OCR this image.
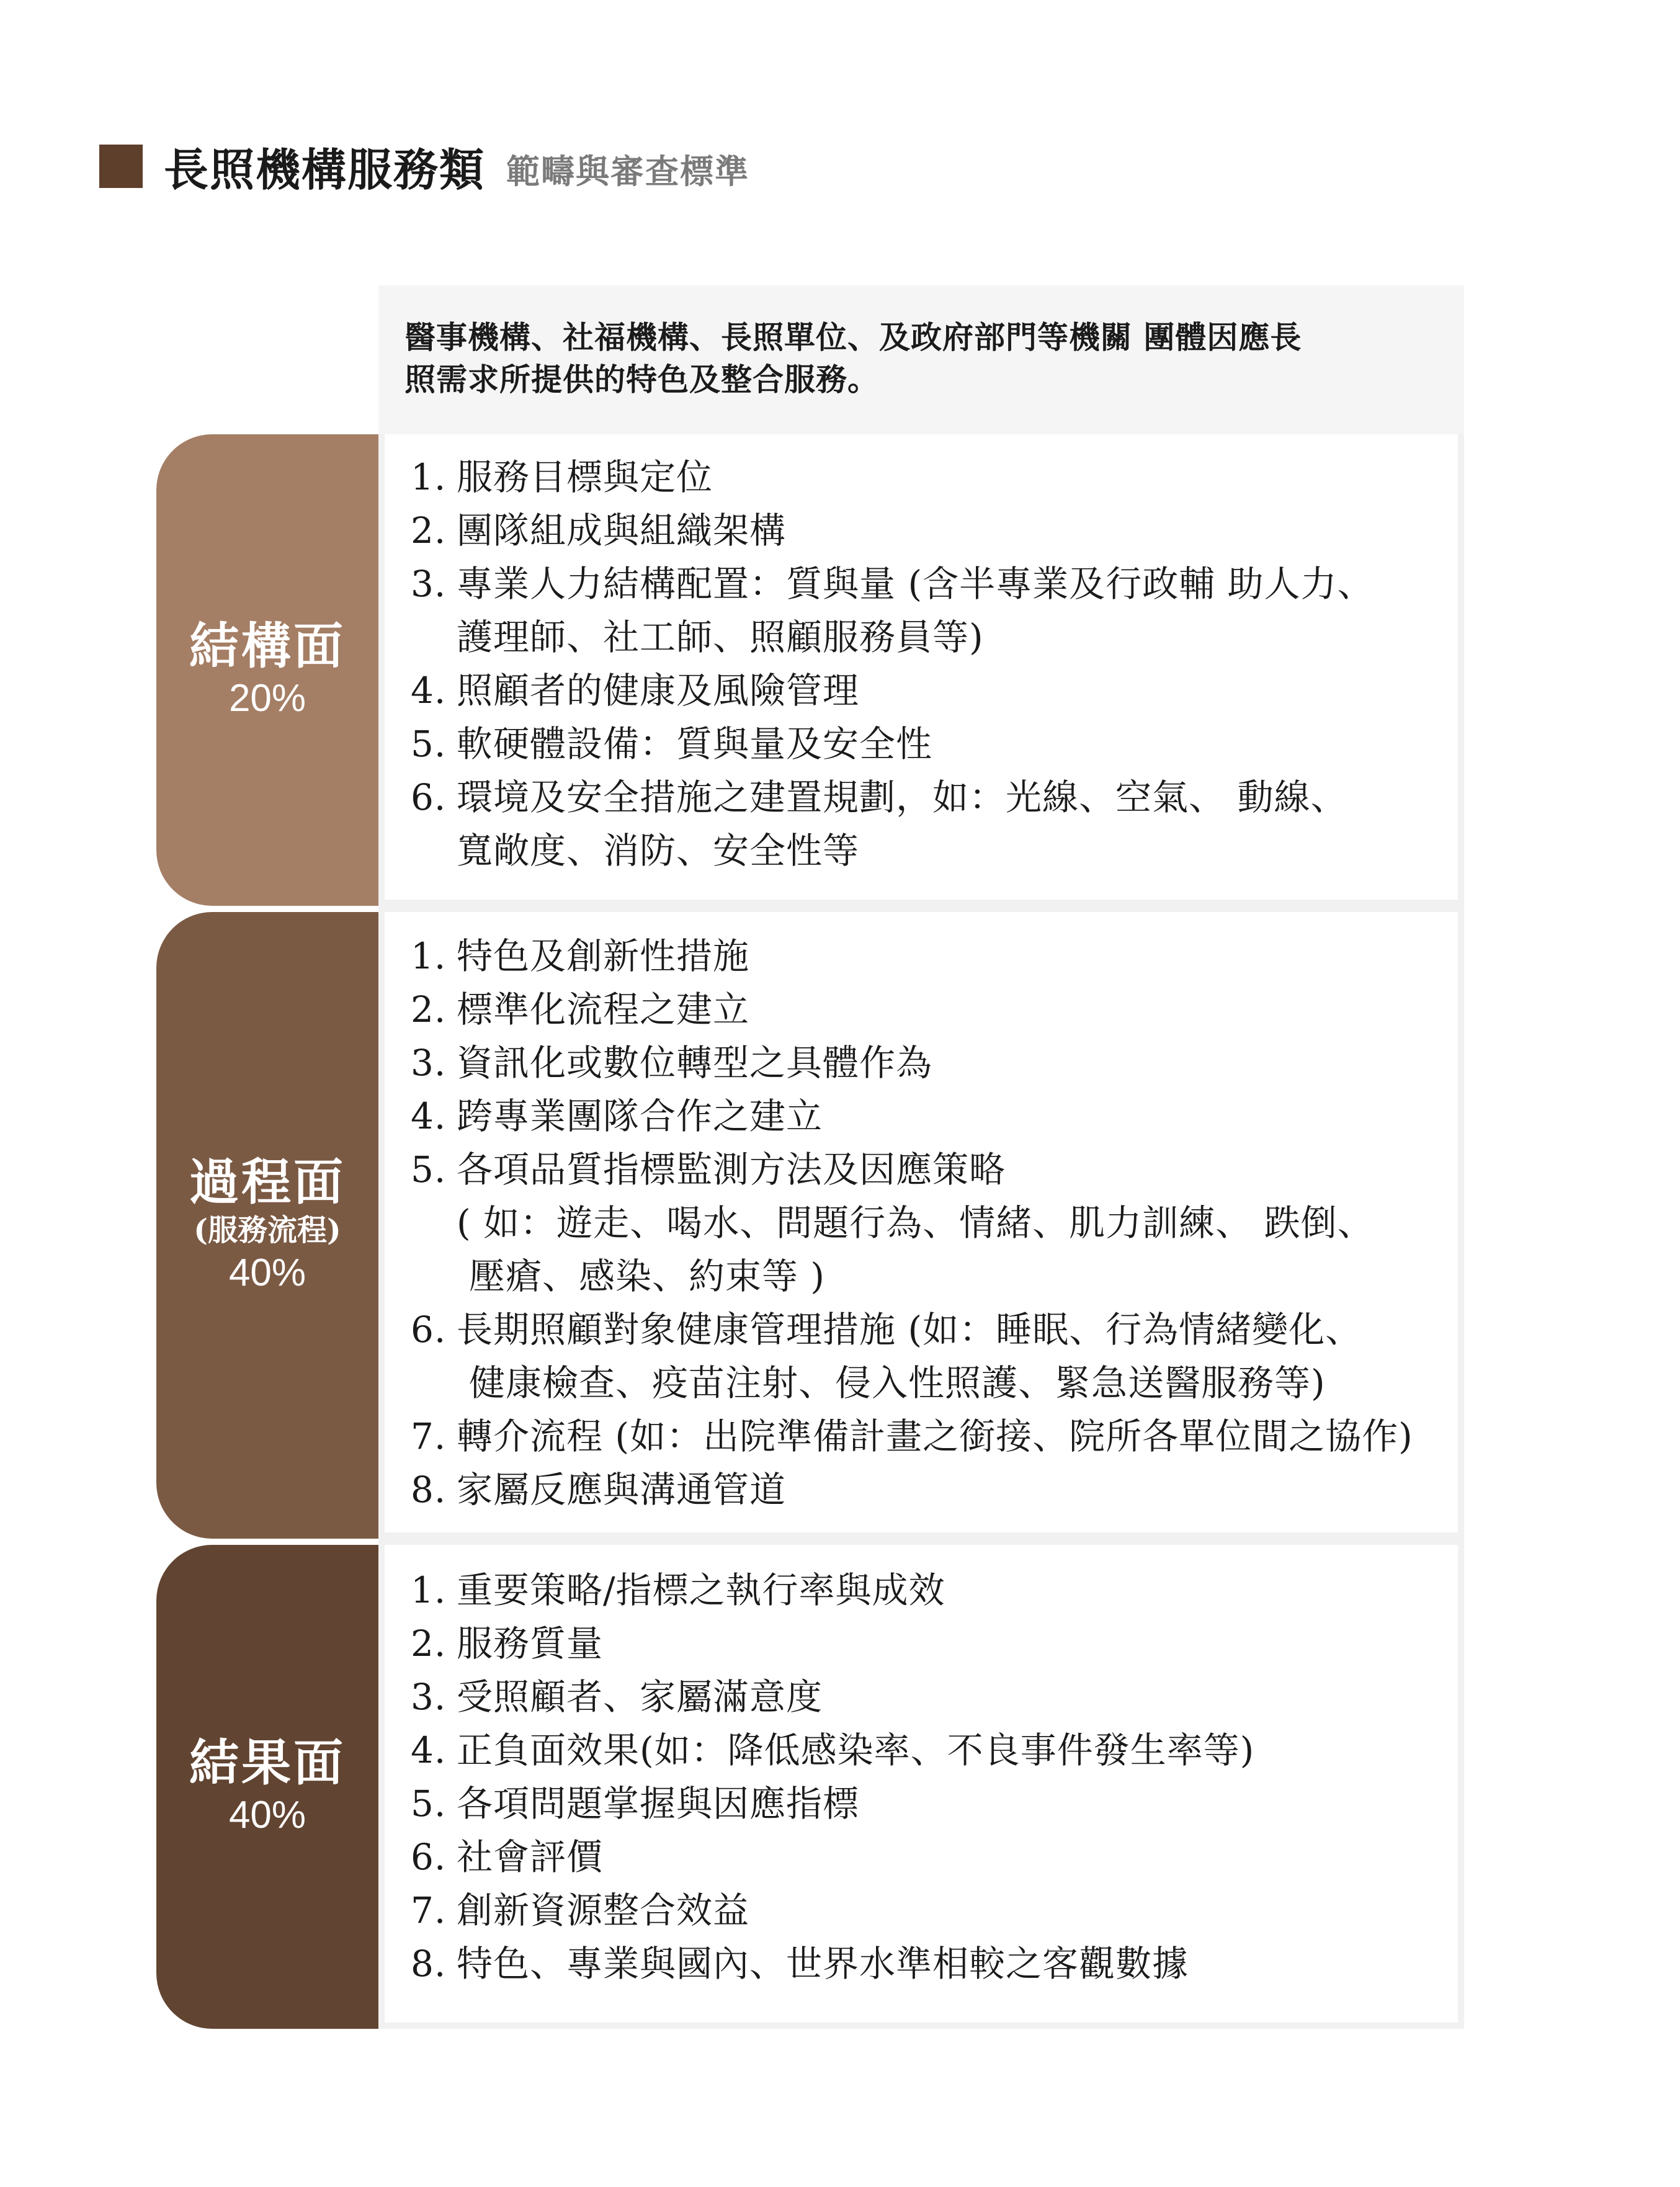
長照機構服務類 範疇與審查標準
醫事機構、社福機構、長照單位、及政府部門等機關 團體因應長
照需求所提供的特色及整合服務。
結構面
20%
1. 服務目標與定位
2. 團隊組成與組織架構
3. 專業人力結構配置：質與量 (含半專業及行政輔 助人力、
護理師、社工師、照顧服務員等)
4. 照顧者的健康及風險管理
5. 軟硬體設備：質與量及安全性
6. 環境及安全措施之建置規劃，如：光線、空氣、 動線、
寬敞度、消防、安全性等
過程面
(服務流程)
40%
1. 特色及創新性措施
2. 標準化流程之建立
3. 資訊化或數位轉型之具體作為
4. 跨專業團隊合作之建立
5. 各項品質指標監測方法及因應策略
( 如：遊走、喝水、問題行為、情緒、肌力訓練、 跌倒、
壓瘡、感染、約束等 )
6. 長期照顧對象健康管理措施 (如：睡眠、行為情緒變化、
健康檢查、疫苗注射、侵入性照護、緊急送醫服務等)
7. 轉介流程 (如：出院準備計畫之銜接、院所各單位間之協作)
8. 家屬反應與溝通管道
結果面
40%
1. 重要策略/指標之執行率與成效
2. 服務質量
3. 受照顧者、家屬滿意度
4. 正負面效果(如：降低感染率、不良事件發生率等)
5. 各項問題掌握與因應指標
6. 社會評價
7. 創新資源整合效益
8. 特色、專業與國內、世界水準相較之客觀數據
